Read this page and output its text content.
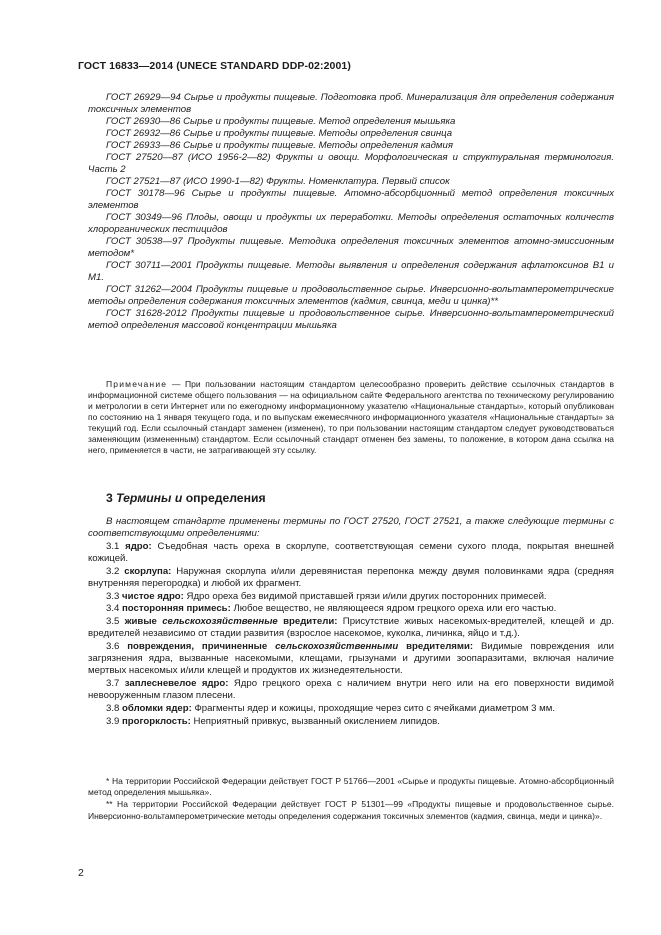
ГОСТ 16833—2014 (UNECE STANDARD DDP-02:2001)

ГОСТ 26929—94 Сырье и продукты пищевые. Подготовка проб. Минерализация для определения содержания токсичных элементов

ГОСТ 26930—86 Сырье и продукты пищевые. Метод определения мышьяка

ГОСТ 26932—86 Сырье и продукты пищевые. Методы определения свинца

ГОСТ 26933—86 Сырье и продукты пищевые. Методы определения кадмия

ГОСТ 27520—87 (ИСО 1956-2—82) Фрукты и овощи. Морфологическая и структуральная терминология. Часть 2

ГОСТ 27521—87 (ИСО 1990-1—82) Фрукты. Номенклатура. Первый список

ГОСТ 30178—96 Сырье и продукты пищевые. Атомно-абсорбционный метод определения токсичных элементов

ГОСТ 30349—96 Плоды, овощи и продукты их переработки. Методы определения остаточных количеств хлорорганических пестицидов

ГОСТ 30538—97 Продукты пищевые. Методика определения токсичных элементов атомно-эмиссионным методом*

ГОСТ 30711—2001 Продукты пищевые. Методы выявления и определения содержания афлатоксинов B1 и M1.

ГОСТ 31262—2004 Продукты пищевые и продовольственное сырье. Инверсионно-вольтамперометрические методы определения содержания токсичных элементов (кадмия, свинца, меди и цинка)**

ГОСТ 31628-2012 Продукты пищевые и продовольственное сырье. Инверсионно-вольтамперометрический метод определения массовой концентрации мышьяка

Примечание — При пользовании настоящим стандартом целесообразно проверить действие ссылочных стандартов в информационной системе общего пользования — на официальном сайте Федерального агентства по техническому регулированию и метрологии в сети Интернет или по ежегодному информационному указателю «Национальные стандарты», который опубликован по состоянию на 1 января текущего года, и по выпускам ежемесячного информационного указателя «Национальные стандарты» за текущий год. Если ссылочный стандарт заменен (изменен), то при пользовании настоящим стандартом следует руководствоваться заменяющим (измененным) стандартом. Если ссылочный стандарт отменен без замены, то положение, в котором дана ссылка на него, применяется в части, не затрагивающей эту ссылку.

3 Термины и определения

В настоящем стандарте применены термины по ГОСТ 27520, ГОСТ 27521, а также следующие термины с соответствующими определениями:

3.1 ядро: Съедобная часть ореха в скорлупе, соответствующая семени сухого плода, покрытая внешней кожицей.

3.2 скорлупа: Наружная скорлупа и/или деревянистая перепонка между двумя половинками ядра (средняя внутренняя перегородка) и любой их фрагмент.

3.3 чистое ядро: Ядро ореха без видимой приставшей грязи и/или других посторонних примесей.

3.4 посторонняя примесь: Любое вещество, не являющееся ядром грецкого ореха или его частью.

3.5 живые сельскохозяйственные вредители: Присутствие живых насекомых-вредителей, клещей и др. вредителей независимо от стадии развития (взрослое насекомое, куколка, личинка, яйцо и т.д.).

3.6 повреждения, причиненные сельскохозяйственными вредителями: Видимые повреждения или загрязнения ядра, вызванные насекомыми, клещами, грызунами и другими зоопаразитами, включая наличие мертвых насекомых и/или клещей и продуктов их жизнедеятельности.

3.7 заплесневелое ядро: Ядро грецкого ореха с наличием внутри него или на его поверхности видимой невооруженным глазом плесени.

3.8 обломки ядер: Фрагменты ядер и кожицы, проходящие через сито с ячейками диаметром 3 мм.

3.9 прогорклость: Неприятный привкус, вызванный окислением липидов.

* На территории Российской Федерации действует ГОСТ Р 51766—2001 «Сырье и продукты пищевые. Атомно-абсорбционный метод определения мышьяка».

** На территории Российской Федерации действует ГОСТ Р 51301—99 «Продукты пищевые и продовольственное сырье. Инверсионно-вольтамперометрические методы определения содержания токсичных элементов (кадмия, свинца, меди и цинка)».

2
